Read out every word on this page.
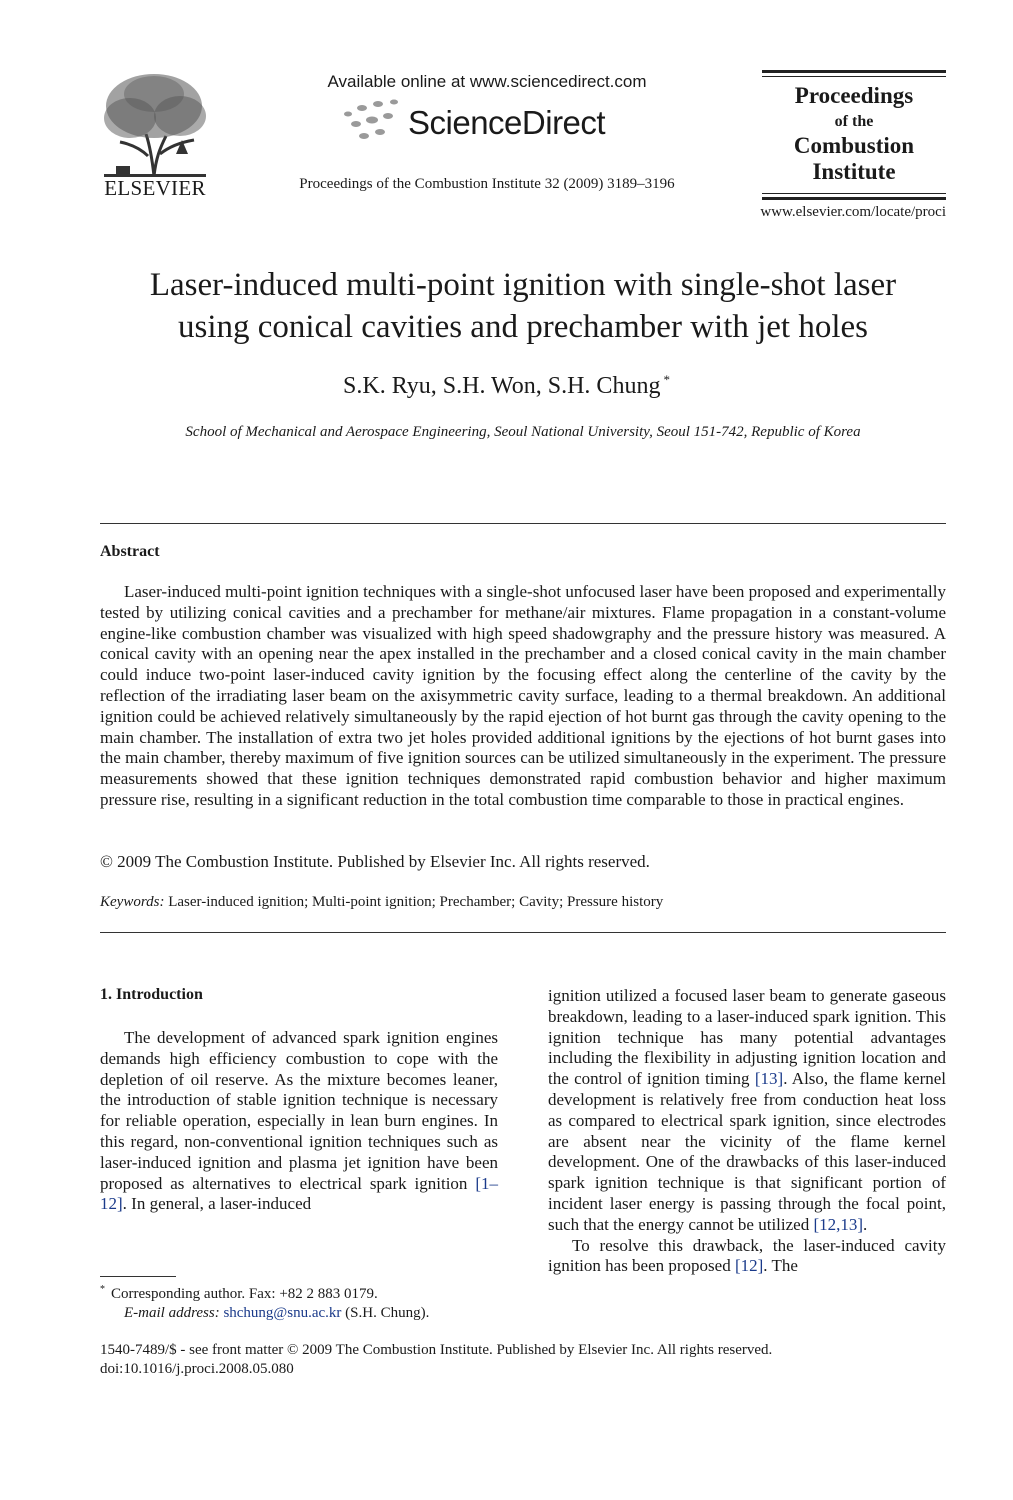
ELSEVIER
Available online at www.sciencedirect.com
ScienceDirect
Proceedings of the Combustion Institute 32 (2009) 3189–3196
Proceedings
of the
Combustion
Institute
www.elsevier.com/locate/proci
Laser-induced multi-point ignition with single-shot laser
using conical cavities and prechamber with jet holes
S.K. Ryu, S.H. Won, S.H. Chung *
School of Mechanical and Aerospace Engineering, Seoul National University, Seoul 151-742, Republic of Korea
Abstract

Laser-induced multi-point ignition techniques with a single-shot unfocused laser have been proposed and experimentally tested by utilizing conical cavities and a prechamber for methane/air mixtures. Flame propagation in a constant-volume engine-like combustion chamber was visualized with high speed shadowgraphy and the pressure history was measured. A conical cavity with an opening near the apex installed in the prechamber and a closed conical cavity in the main chamber could induce two-point laser-induced cavity ignition by the focusing effect along the centerline of the cavity by the reflection of the irradiating laser beam on the axisymmetric cavity surface, leading to a thermal breakdown. An additional ignition could be achieved relatively simultaneously by the rapid ejection of hot burnt gas through the cavity opening to the main chamber. The installation of extra two jet holes provided additional ignitions by the ejections of hot burnt gases into the main chamber, thereby maximum of five ignition sources can be utilized simultaneously in the experiment. The pressure measurements showed that these ignition techniques demonstrated rapid combustion behavior and higher maximum pressure rise, resulting in a significant reduction in the total combustion time comparable to those in practical engines.

© 2009 The Combustion Institute. Published by Elsevier Inc. All rights reserved.
Keywords: Laser-induced ignition; Multi-point ignition; Prechamber; Cavity; Pressure history
1. Introduction

The development of advanced spark ignition engines demands high efficiency combustion to cope with the depletion of oil reserve. As the mixture becomes leaner, the introduction of stable ignition technique is necessary for reliable operation, especially in lean burn engines. In this regard, non-conventional ignition techniques such as laser-induced ignition and plasma jet ignition have been proposed as alternatives to electrical spark ignition [1–12]. In general, a laser-induced

ignition utilized a focused laser beam to generate gaseous breakdown, leading to a laser-induced spark ignition. This ignition technique has many potential advantages including the flexibility in adjusting ignition location and the control of ignition timing [13]. Also, the flame kernel development is relatively free from conduction heat loss as compared to electrical spark ignition, since electrodes are absent near the vicinity of the flame kernel development. One of the drawbacks of this laser-induced spark ignition technique is that significant portion of incident laser energy is passing through the focal point, such that the energy cannot be utilized [12,13].

To resolve this drawback, the laser-induced cavity ignition has been proposed [12]. The

* Corresponding author. Fax: +82 2 883 0179.
E-mail address: shchung@snu.ac.kr (S.H. Chung).
1540-7489/$ - see front matter © 2009 The Combustion Institute. Published by Elsevier Inc. All rights reserved.
doi:10.1016/j.proci.2008.05.080
